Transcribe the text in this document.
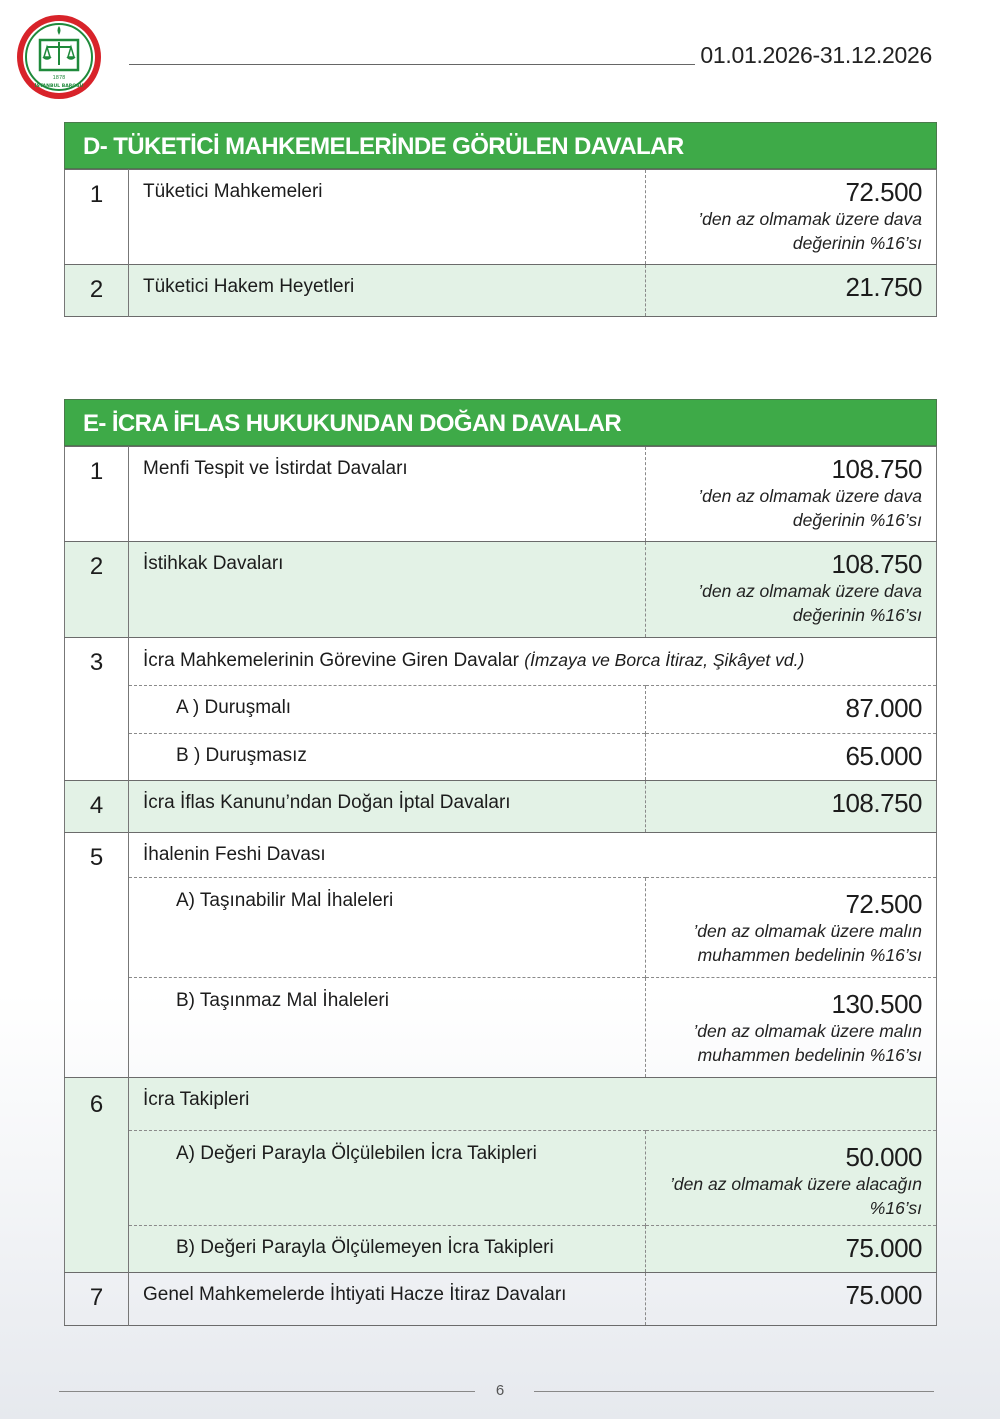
1878
İSTANBUL BAROSU
01.01.2026-31.12.2026
D- TÜKETİCİ MAHKEMELERİNDE GÖRÜLEN DAVALAR
1	Tüketici Mahkemeleri	72.500
’den az olmamak üzere dava
değerinin %16’sı

2	Tüketici Hakem Heyetleri	21.750
E- İCRA İFLAS HUKUKUNDAN DOĞAN DAVALAR
1	Menfi Tespit ve İstirdat Davaları	108.750
’den az olmamak üzere dava
değerinin %16’sı

2	İstihkak Davaları	108.750
’den az olmamak üzere dava
değerinin %16’sı

3	İcra Mahkemelerinin Görevine Giren Davalar (İmzaya ve Borca İtiraz, Şikâyet vd.)	
	A ) Duruşmalı	87.000

	B ) Duruşmasız	65.000

4	İcra İflas Kanunu’ndan Doğan İptal Davaları	108.750

5	İhalenin Feshi Davası	
	A) Taşınabilir Mal İhaleleri	72.500
’den az olmamak üzere malın
muhammen bedelinin %16’sı

	B) Taşınmaz Mal İhaleleri	130.500
’den az olmamak üzere malın
muhammen bedelinin %16’sı

6	İcra Takipleri	
	A) Değeri Parayla Ölçülebilen İcra Takipleri	50.000
’den az olmamak üzere alacağın
%16’sı

	B) Değeri Parayla Ölçülemeyen İcra Takipleri	75.000

7	Genel Mahkemelerde İhtiyati Hacze İtiraz Davaları	75.000
6
